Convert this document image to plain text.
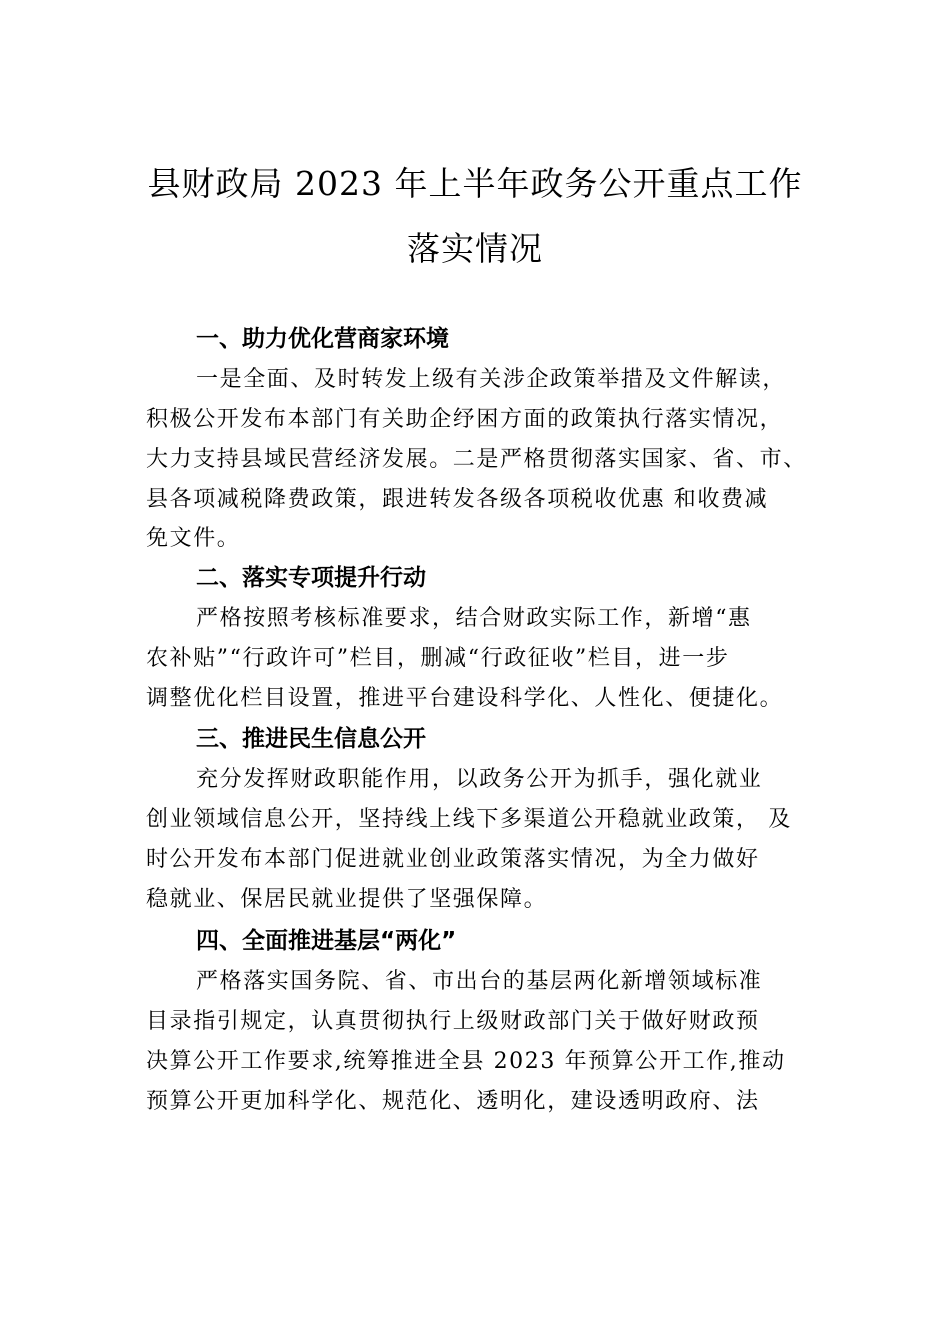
县财政局 2023 年上半年政务公开重点工作
落实情况
一、助力优化营商家环境
一是全面、及时转发上级有关涉企政策举措及文件解读，
积极公开发布本部门有关助企纾困方面的政策执行落实情况，
大力支持县域民营经济发展。二是严格贯彻落实国家、省、市、
县各项减税降费政策，跟进转发各级各项税收优惠 和收费减
免文件。
二、落实专项提升行动
严格按照考核标准要求，结合财政实际工作，新增“惠
农补贴”“行政许可”栏目，删减“行政征收”栏目，进一步
调整优化栏目设置，推进平台建设科学化、人性化、便捷化。
三、推进民生信息公开
充分发挥财政职能作用，以政务公开为抓手，强化就业
创业领域信息公开，坚持线上线下多渠道公开稳就业政策， 及
时公开发布本部门促进就业创业政策落实情况，为全力做好
稳就业、保居民就业提供了坚强保障。
四、全面推进基层“两化”
严格落实国务院、省、市出台的基层两化新增领域标准
目录指引规定，认真贯彻执行上级财政部门关于做好财政预
决算公开工作要求,统筹推进全县 2023 年预算公开工作,推动
预算公开更加科学化、规范化、透明化，建设透明政府、法
